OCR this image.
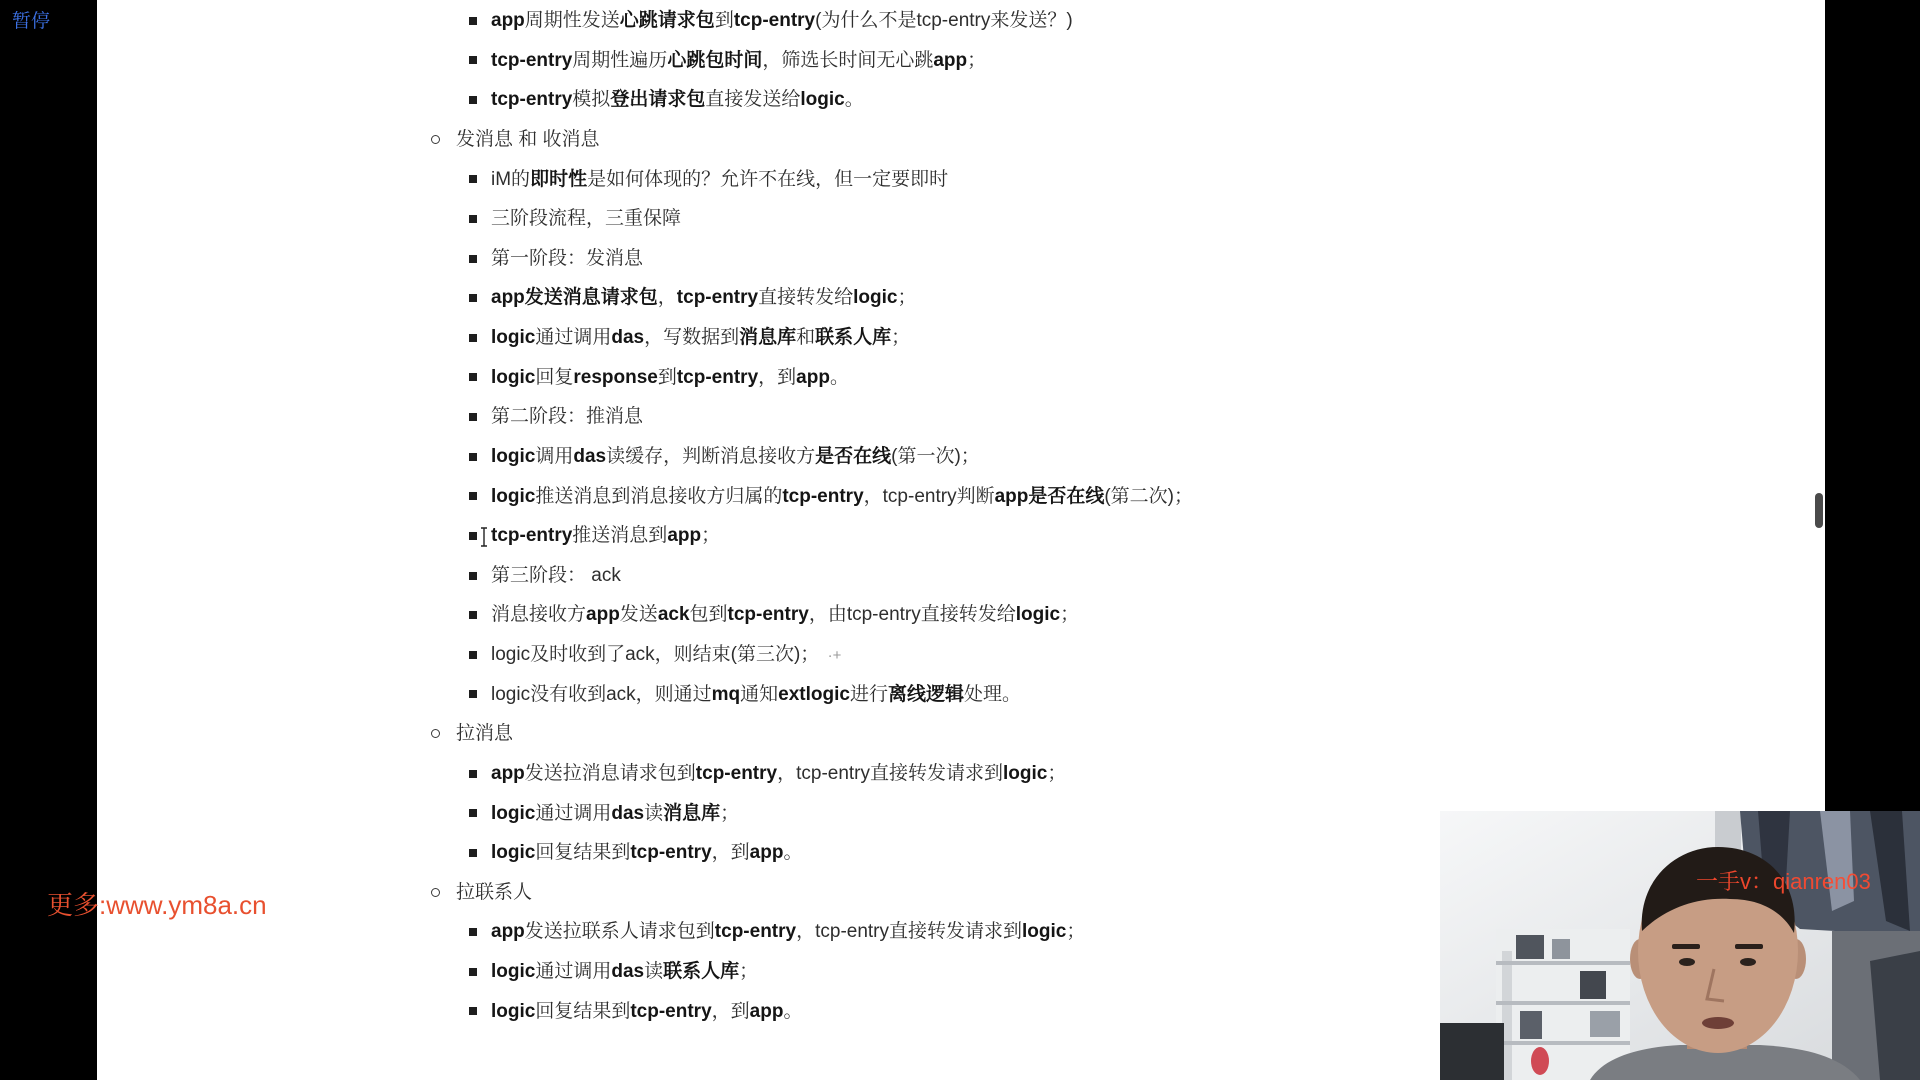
暂停	app周期性发送心跳请求包到tcp-entry(为什么不是tcp-entry来发送？)
tcp-entry周期性遍历心跳包时间，筛选长时间无心跳app；
tcp-entry模拟登出请求包直接发送给logic。
发消息 和 收消息
iM的即时性是如何体现的？允许不在线，但一定要即时
三阶段流程，三重保障
第一阶段：发消息
app发送消息请求包，tcp-entry直接转发给logic；
logic通过调用das，写数据到消息库和联系人库；
logic回复response到tcp-entry，到app。
第二阶段：推消息
logic调用das读缓存，判断消息接收方是否在线(第一次)；
logic推送消息到消息接收方归属的tcp-entry，tcp-entry判断app是否在线(第二次)；
tcp-entry推送消息到app；
第三阶段： ack
消息接收方app发送ack包到tcp-entry，由tcp-entry直接转发给logic；
logic及时收到了ack，则结束(第三次)；  ·+
logic没有收到ack，则通过mq通知extlogic进行离线逻辑处理。
拉消息
app发送拉消息请求包到tcp-entry，tcp-entry直接转发请求到logic；
logic通过调用das读消息库；
logic回复结果到tcp-entry，到app。
拉联系人
app发送拉联系人请求包到tcp-entry，tcp-entry直接转发请求到logic；
logic通过调用das读联系人库；
logic回复结果到tcp-entry，到app。
更多:www.ym8a.cn
一手v：qianren03
